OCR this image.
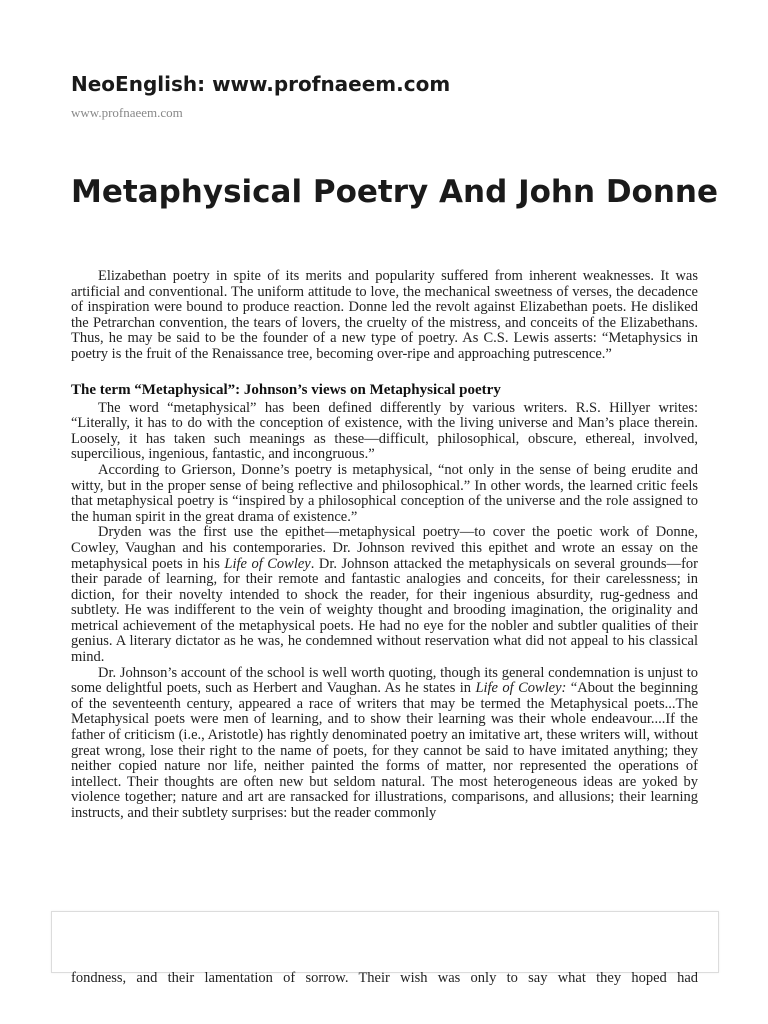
NeoEnglish: www.profnaeem.com
www.profnaeem.com
Metaphysical Poetry And John Donne

Elizabethan poetry in spite of its merits and popularity suffered from inherent weaknesses. It was artificial and conventional. The uniform attitude to love, the mechanical sweetness of verses, the decadence of inspiration were bound to produce reaction. Donne led the revolt against Elizabethan poets. He disliked the Petrarchan convention, the tears of lovers, the cruelty of the mistress, and conceits of the Elizabethans. Thus, he may be said to be the founder of a new type of poetry. As C.S. Lewis asserts: “Metaphysics in poetry is the fruit of the Renaissance tree, becoming over-ripe and approaching putrescence.”

The term “Metaphysical”: Johnson’s views on Metaphysical poetry

The word “metaphysical” has been defined differently by various writers. R.S. Hillyer writes: “Literally, it has to do with the conception of existence, with the living universe and Man’s place therein. Loosely, it has taken such meanings as these—difficult, philosophical, obscure, ethereal, involved, supercilious, ingenious, fantastic, and incongruous.”

According to Grierson, Donne’s poetry is metaphysical, “not only in the sense of being erudite and witty, but in the proper sense of being reflective and philosophical.” In other words, the learned critic feels that metaphysical poetry is “inspired by a philosophical conception of the universe and the role assigned to the human spirit in the great drama of existence.”

Dryden was the first use the epithet—metaphysical poetry—to cover the poetic work of Donne, Cowley, Vaughan and his contemporaries. Dr. Johnson revived this epithet and wrote an essay on the metaphysical poets in his Life of Cowley. Dr. Johnson attacked the metaphysicals on several grounds—for their parade of learning, for their remote and fantastic analogies and conceits, for their carelessness; in diction, for their novelty intended to shock the reader, for their ingenious absurdity, rug-gedness and subtlety. He was indifferent to the vein of weighty thought and brooding imagination, the originality and metrical achievement of the metaphysical poets. He had no eye for the nobler and subtler qualities of their genius. A literary dictator as he was, he condemned without reservation what did not appeal to his classical mind.

Dr. Johnson’s account of the school is well worth quoting, though its general condemnation is unjust to some delightful poets, such as Herbert and Vaughan. As he states in Life of Cowley: “About the beginning of the seventeenth century, appeared a race of writers that may be termed the Metaphysical poets...The Metaphysical poets were men of learning, and to show their learning was their whole endeavour....If the father of criticism (i.e., Aristotle) has rightly denominated poetry an imitative art, these writers will, without great wrong, lose their right to the name of poets, for they cannot be said to have imitated anything; they neither copied nature nor life, neither painted the forms of matter, nor represented the operations of intellect. Their thoughts are often new but seldom natural. The most heterogeneous ideas are yoked by violence together; nature and art are ransacked for illustrations, comparisons, and allusions; their learning instructs, and their subtlety surprises: but the reader commonly

fondness, and their lamentation of sorrow. Their wish was only to say what they hoped had
